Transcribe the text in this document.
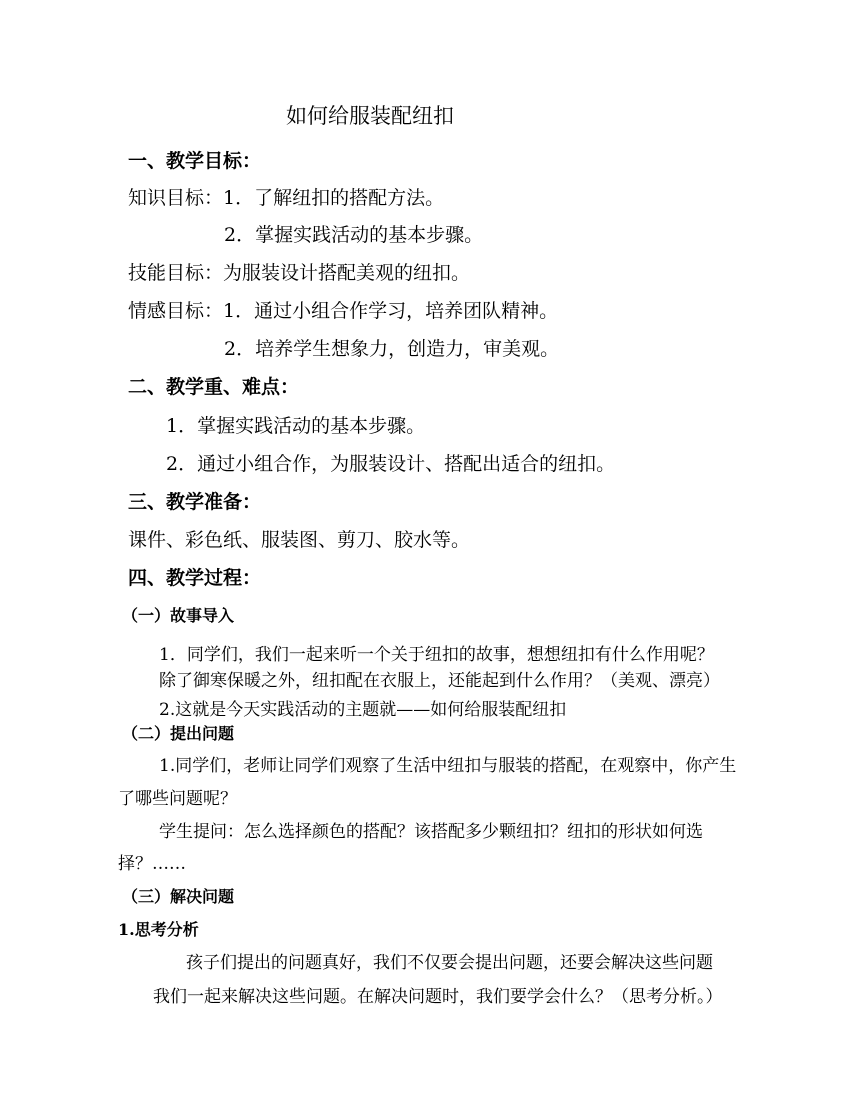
如何给服装配纽扣
一、教学目标：
知识目标：1．了解纽扣的搭配方法。
2．掌握实践活动的基本步骤。
技能目标：为服装设计搭配美观的纽扣。
情感目标：1．通过小组合作学习，培养团队精神。
2．培养学生想象力，创造力，审美观。
二、教学重、难点：
1．掌握实践活动的基本步骤。
2．通过小组合作，为服装设计、搭配出适合的纽扣。
三、教学准备：
课件、彩色纸、服装图、剪刀、胶水等。
四、教学过程：
（一）故事导入
1．同学们，我们一起来听一个关于纽扣的故事，想想纽扣有什么作用呢？
除了御寒保暖之外，纽扣配在衣服上，还能起到什么作用？（美观、漂亮）
2.这就是今天实践活动的主题就——如何给服装配纽扣
（二）提出问题
1.同学们，老师让同学们观察了生活中纽扣与服装的搭配，在观察中，你产生
了哪些问题呢？
学生提问：怎么选择颜色的搭配？该搭配多少颗纽扣？纽扣的形状如何选
择？……
（三）解决问题
1.思考分析
孩子们提出的问题真好，我们不仅要会提出问题，还要会解决这些问题
我们一起来解决这些问题。在解决问题时，我们要学会什么？（思考分析。）
